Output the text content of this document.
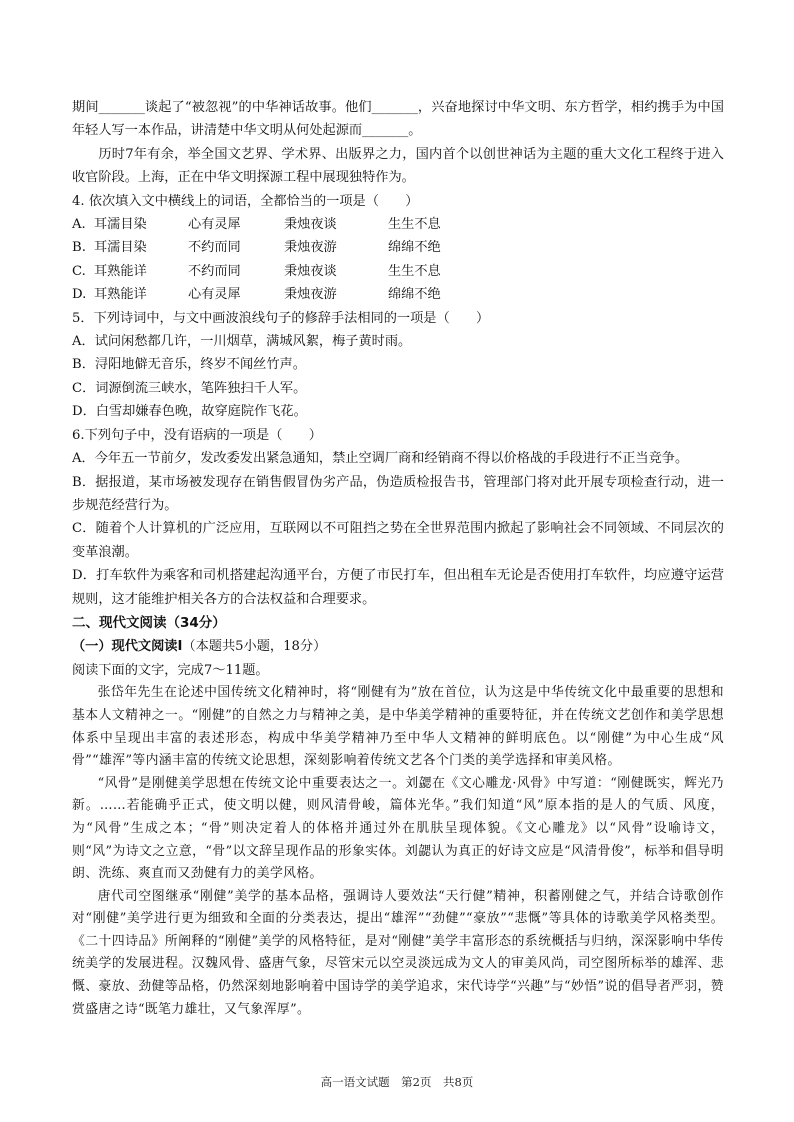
期间_______谈起了“被忽视”的中华神话故事。他们_______，兴奋地探讨中华文明、东方哲学，相约携手为中国年轻人写一本作品，讲清楚中华文明从何处起源而_______。

历时7年有余，举全国文艺界、学术界、出版界之力，国内首个以创世神话为主题的重大文化工程终于进入收官阶段。上海，正在中华文明探源工程中展现独特作为。

4. 依次填入文中横线上的词语，全都恰当的一项是（　　）

A. 耳濡目染	心有灵犀	秉烛夜谈	生生不息
B. 耳濡目染	不约而同	秉烛夜游	绵绵不绝
C. 耳熟能详	不约而同	秉烛夜谈	生生不息
D. 耳熟能详	心有灵犀	秉烛夜游	绵绵不绝

5．下列诗词中，与文中画波浪线句子的修辞手法相同的一项是（　　）

A．试问闲愁都几许，一川烟草，满城风絮，梅子黄时雨。

B．浔阳地僻无音乐，终岁不闻丝竹声。

C．词源倒流三峡水，笔阵独扫千人军。

D．白雪却嫌春色晚，故穿庭院作飞花。

6.下列句子中，没有语病的一项是（　　）

A．今年五一节前夕，发改委发出紧急通知，禁止空调厂商和经销商不得以价格战的手段进行不正当竞争。

B．据报道，某市场被发现存在销售假冒伪劣产品，伪造质检报告书，管理部门将对此开展专项检查行动，进一步规范经营行为。

C．随着个人计算机的广泛应用，互联网以不可阻挡之势在全世界范围内掀起了影响社会不同领域、不同层次的变革浪潮。

D．打车软件为乘客和司机搭建起沟通平台，方便了市民打车，但出租车无论是否使用打车软件，均应遵守运营规则，这才能维护相关各方的合法权益和合理要求。

二、现代文阅读（34分）

（一）现代文阅读Ⅰ（本题共5小题，18分）

阅读下面的文字，完成7～11题。

张岱年先生在论述中国传统文化精神时，将“刚健有为”放在首位，认为这是中华传统文化中最重要的思想和基本人文精神之一。“刚健”的自然之力与精神之美，是中华美学精神的重要特征，并在传统文艺创作和美学思想体系中呈现出丰富的表述形态，构成中华美学精神乃至中华人文精神的鲜明底色。以“刚健”为中心生成“风骨”“雄浑”等内涵丰富的传统文论思想，深刻影响着传统文艺各个门类的美学选择和审美风格。

“风骨”是刚健美学思想在传统文论中重要表达之一。刘勰在《文心雕龙·风骨》中写道：“刚健既实，辉光乃新。……若能确乎正式，使文明以健，则风清骨峻，篇体光华。”我们知道“风”原本指的是人的气质、风度，为“风骨”生成之本；“骨”则决定着人的体格并通过外在肌肤呈现体貌。《文心雕龙》以“风骨”设喻诗文，则“风”为诗文之立意，“骨”以文辞呈现作品的形象实体。刘勰认为真正的好诗文应是“风清骨俊”，标举和倡导明朗、洗练、爽直而又劲健有力的美学风格。

唐代司空图继承“刚健”美学的基本品格，强调诗人要效法“天行健”精神，积蓄刚健之气，并结合诗歌创作对“刚健”美学进行更为细致和全面的分类表达，提出“雄浑”“劲健”“豪放”“悲慨”等具体的诗歌美学风格类型。《二十四诗品》所阐释的“刚健”美学的风格特征，是对“刚健”美学丰富形态的系统概括与归纳，深深影响中华传统美学的发展进程。汉魏风骨、盛唐气象，尽管宋元以空灵淡远成为文人的审美风尚，司空图所标举的雄浑、悲慨、豪放、劲健等品格，仍然深刻地影响着中国诗学的美学追求，宋代诗学“兴趣”与“妙悟”说的倡导者严羽，赞赏盛唐之诗“既笔力雄壮，又气象浑厚”。

高一语文试题　第2页　共8页
